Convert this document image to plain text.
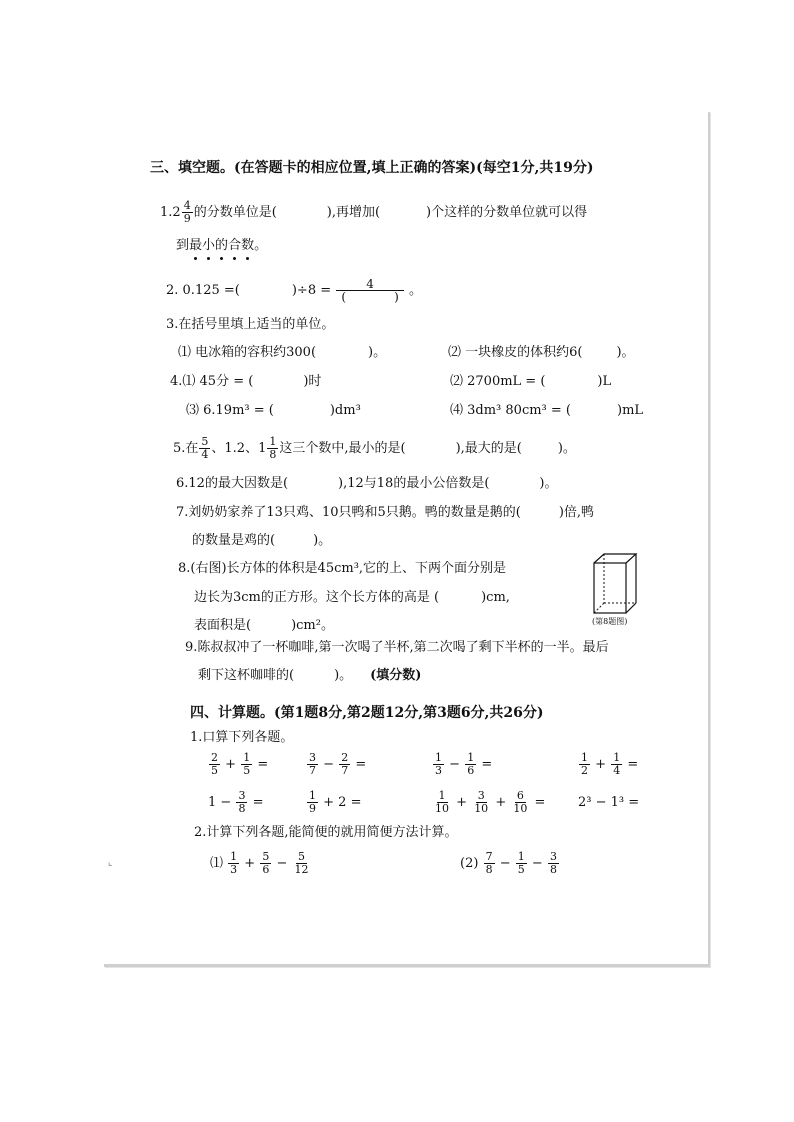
三、填空题。(在答题卡的相应位置,填上正确的答案)(每空1分,共19分)
$1.2 \frac{4}{9}$ 的分数单位是(	),再增加(	)个这样的分数单位就可以得
到最小的合数。
2. 0.125 =(	)÷8 = 4
(	) 。
3.在括号里填上适当的单位。
⑴ 电冰箱的容积约300(	)。	⑵ 一块橡皮的体积约6(	)。
4.⑴ 45分 = (	)时	⑵ 2700mL = (	)L
⑶ 6.19m³ = (	)dm³	⑷ 3dm³ 80cm³ = (	)mL
5.在 $\frac{5}{4}$ 、1.2、$1 \frac{1}{8}$ 这三个数中,最小的是(	),最大的是(	)。
6.12的最大因数是(	),12与18的最小公倍数是(	)。
7.刘奶奶家养了13只鸡、10只鸭和5只鹅。鸭的数量是鹅的(	)倍,鸭
的数量是鸡的(	)。
8.(右图)长方体的体积是45cm³,它的上、下两个面分别是
边长为3cm的正方形。这个长方体的高是 (	)cm,
表面积是(	)cm²。	(第8题图)
9.陈叔叔冲了一杯咖啡,第一次喝了半杯,第二次喝了剩下半杯的一半。最后
剩下这杯咖啡的(	)。 (填分数)
四、计算题。(第1题8分,第2题12分,第3题6分,共26分)
1.口算下列各题。
$\frac{2}{5} + \frac{1}{5}$ =	$\frac{3}{7} - \frac{2}{7}$ =	$\frac{1}{3} - \frac{1}{6}$ =	$\frac{1}{2} + \frac{1}{4}$ =
$1 - \frac{3}{8}$ =	$\frac{1}{9} + 2$ =	$\frac{1}{10} + \frac{3}{10} + \frac{6}{10}$ =	2³ − 1³ =
2.计算下列各题,能简便的就用简便方法计算。
⑴ $\frac{1}{3} + \frac{5}{6} - \frac{5}{12}$	$(2) \frac{7}{8} - \frac{1}{5} - \frac{3}{8}$
⌞
